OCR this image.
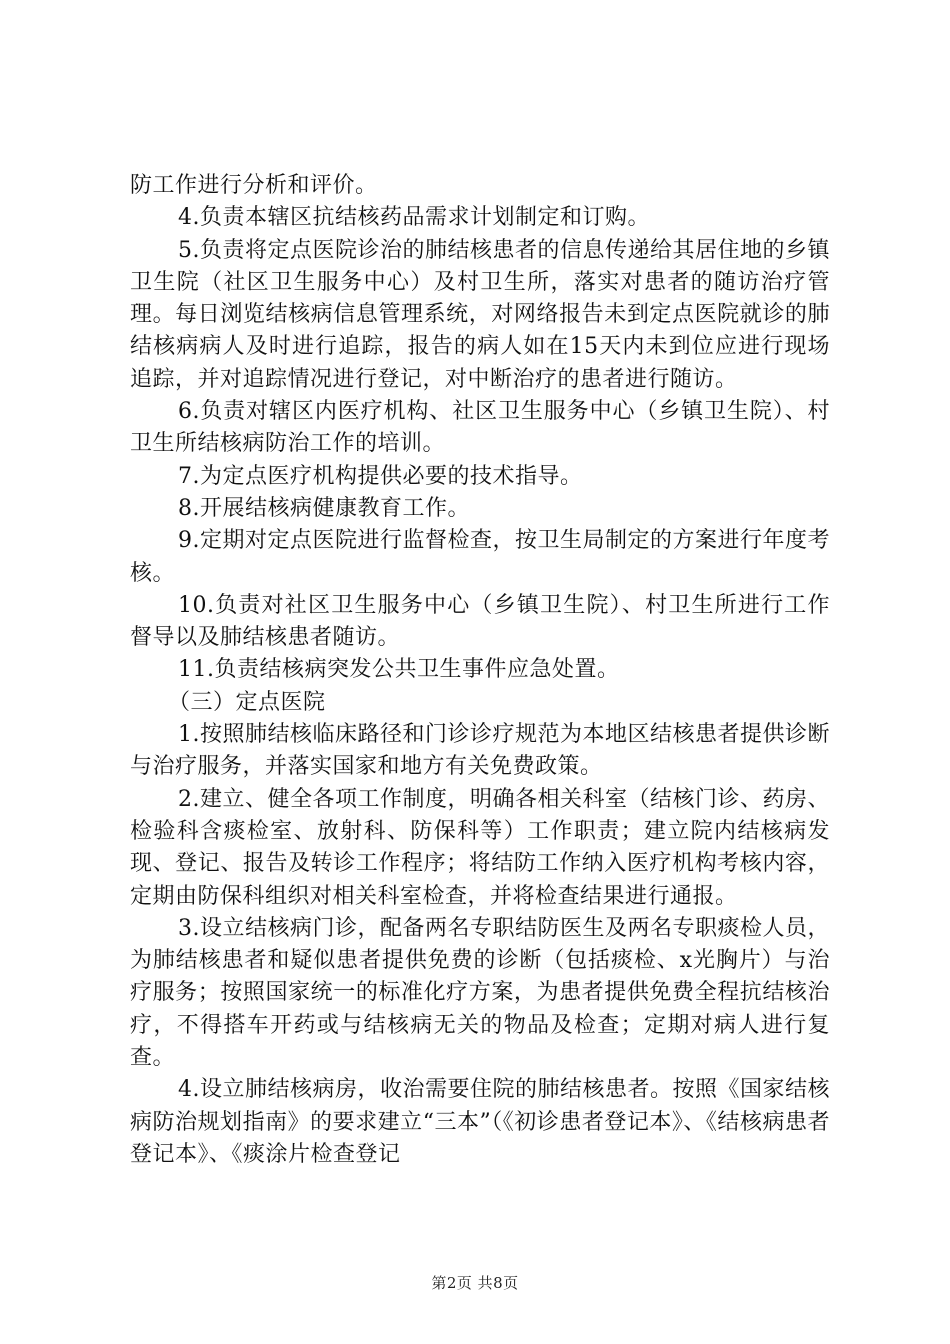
防工作进行分析和评价。

4.负责本辖区抗结核药品需求计划制定和订购。

5.负责将定点医院诊治的肺结核患者的信息传递给其居住地的乡镇卫生院（社区卫生服务中心）及村卫生所，落实对患者的随访治疗管理。每日浏览结核病信息管理系统，对网络报告未到定点医院就诊的肺结核病病人及时进行追踪，报告的病人如在15天内未到位应进行现场追踪，并对追踪情况进行登记，对中断治疗的患者进行随访。

6.负责对辖区内医疗机构、社区卫生服务中心（乡镇卫生院）、村卫生所结核病防治工作的培训。

7.为定点医疗机构提供必要的技术指导。

8.开展结核病健康教育工作。

9.定期对定点医院进行监督检查，按卫生局制定的方案进行年度考核。

10.负责对社区卫生服务中心（乡镇卫生院）、村卫生所进行工作督导以及肺结核患者随访。

11.负责结核病突发公共卫生事件应急处置。

（三）定点医院

1.按照肺结核临床路径和门诊诊疗规范为本地区结核患者提供诊断与治疗服务，并落实国家和地方有关免费政策。

2.建立、健全各项工作制度，明确各相关科室（结核门诊、药房、检验科含痰检室、放射科、防保科等）工作职责；建立院内结核病发现、登记、报告及转诊工作程序；将结防工作纳入医疗机构考核内容，定期由防保科组织对相关科室检查，并将检查结果进行通报。

3.设立结核病门诊，配备两名专职结防医生及两名专职痰检人员，为肺结核患者和疑似患者提供免费的诊断（包括痰检、x光胸片）与治疗服务；按照国家统一的标准化疗方案，为患者提供免费全程抗结核治疗，不得搭车开药或与结核病无关的物品及检查；定期对病人进行复查。

4.设立肺结核病房，收治需要住院的肺结核患者。按照《国家结核病防治规划指南》的要求建立“三本”（《初诊患者登记本》、《结核病患者登记本》、《痰涂片检查登记

第2页 共8页
